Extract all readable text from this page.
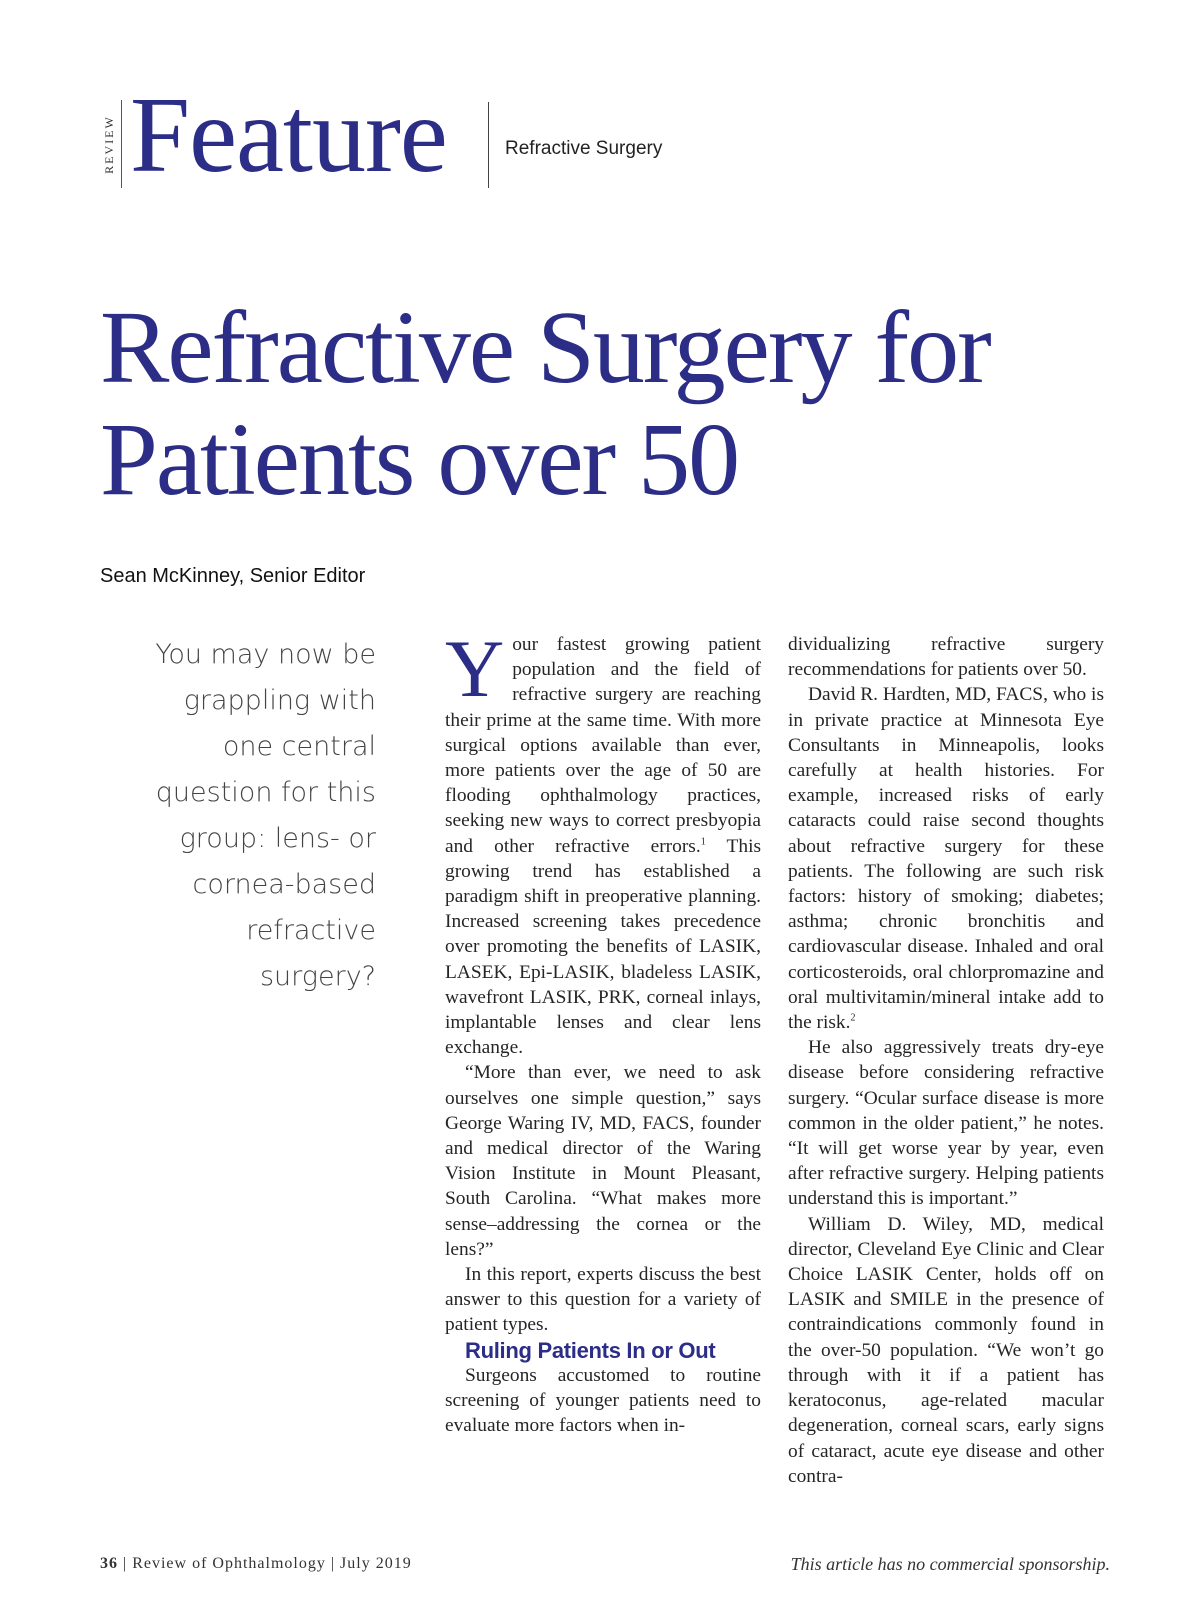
REVIEW Feature	Refractive Surgery
Refractive Surgery for
Patients over 50
Sean McKinney, Senior Editor
You may now be grappling with one central question for this group: lens- or cornea-based refractive surgery?

Your fastest growing patient population and the field of refractive surgery are reaching their prime at the same time. With more surgical options available than ever, more patients over the age of 50 are flooding ophthalmology practices, seeking new ways to correct presbyopia and other refractive errors.$^1$ This growing trend has established a paradigm shift in preoperative planning. Increased screening takes precedence over promoting the benefits of LASIK, LASEK, Epi-LASIK, bladeless LASIK, wavefront LASIK, PRK, corneal inlays, implantable lenses and clear lens exchange.

“More than ever, we need to ask ourselves one simple question,” says George Waring IV, MD, FACS, founder and medical director of the Waring Vision Institute in Mount Pleasant, South Carolina. “What makes more sense–addressing the cornea or the lens?”

In this report, experts discuss the best answer to this question for a variety of patient types.

Ruling Patients In or Out

Surgeons accustomed to routine screening of younger patients need to evaluate more factors when in-

dividualizing refractive surgery recommendations for patients over 50.

David R. Hardten, MD, FACS, who is in private practice at Minnesota Eye Consultants in Minneapolis, looks carefully at health histories. For example, increased risks of early cataracts could raise second thoughts about refractive surgery for these patients. The following are such risk factors: history of smoking; diabetes; asthma; chronic bronchitis and cardiovascular disease. Inhaled and oral corticosteroids, oral chlorpromazine and oral multivitamin/mineral intake add to the risk.$^2$

He also aggressively treats dry-eye disease before considering refractive surgery. “Ocular surface disease is more common in the older patient,” he notes. “It will get worse year by year, even after refractive surgery. Helping patients understand this is important.”

William D. Wiley, MD, medical director, Cleveland Eye Clinic and Clear Choice LASIK Center, holds off on LASIK and SMILE in the presence of contraindications commonly found in the over-50 population. “We won’t go through with it if a patient has keratoconus, age-related macular degeneration, corneal scars, early signs of cataract, acute eye disease and other contra-

36 | Review of Ophthalmology | July 2019	This article has no commercial sponsorship.
